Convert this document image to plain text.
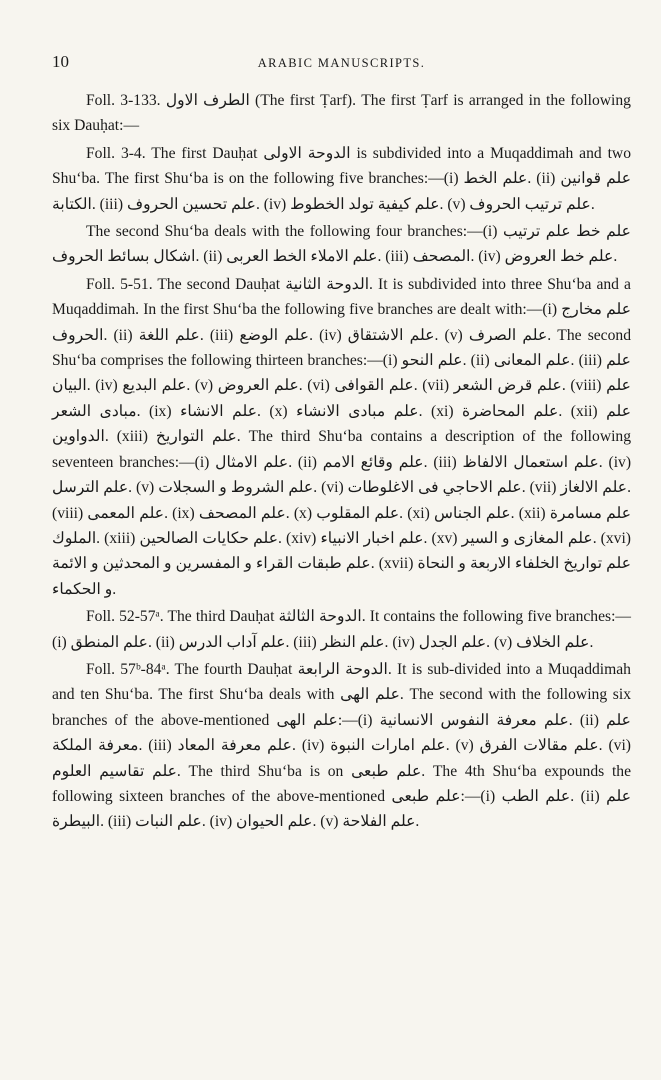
10	ARABIC MANUSCRIPTS.

Foll. 3-133. الطرف الاول (The first Ṭarf). The first Ṭarf is arranged in the following six Dauḥat:—

Foll. 3-4. The first Dauḥat الدوحة الاولى is subdivided into a Muqaddimah and two Shuʻba. The first Shuʻba is on the following five branches:—(i) علم الخط. (ii) علم قوانين الكتابة. (iii) علم تحسين الحروف. (iv) علم كيفية تولد الخطوط. (v) علم ترتيب الحروف.

The second Shuʻba deals with the following four branches:—(i) علم خط علم ترتيب اشكال بسائط الحروف. (ii) علم الاملاء الخط العربى. (iii) المصحف. (iv) علم خط العروض.

Foll. 5-51. The second Dauḥat الدوحة الثانية. It is subdivided into three Shuʻba and a Muqaddimah. In the first Shuʻba the following five branches are dealt with:—(i) علم مخارج الحروف. (ii) علم اللغة. (iii) علم الوضع. (iv) علم الاشتقاق. (v) علم الصرف. The second Shuʻba comprises the following thirteen branches:—(i) علم النحو. (ii) علم المعانى. (iii) علم البيان. (iv) علم البديع. (v) علم العروض. (vi) علم القوافى. (vii) علم قرض الشعر. (viii) علم مبادى الشعر. (ix) علم الانشاء. (x) علم مبادى الانشاء. (xi) علم المحاضرة. (xii) علم الدواوين. (xiii) علم التواريخ. The third Shuʻba contains a description of the following seventeen branches:—(i) علم الامثال. (ii) علم وقائع الامم. (iii) علم استعمال الالفاظ. (iv) علم الترسل. (v) علم الشروط و السجلات. (vi) علم الاحاجي فى الاغلوطات. (vii) علم الالغاز. (viii) علم المعمى. (ix) علم المصحف. (x) علم المقلوب. (xi) علم الجناس. (xii) علم مسامرة الملوك. (xiii) علم حكايات الصالحين. (xiv) علم اخبار الانبياء. (xv) علم المغازى و السير. (xvi) علم طبقات القراء و المفسرين و المحدثين و الائمة. (xvii) علم تواريخ الخلفاء الاربعة و النحاة و الحكماء.

Foll. 52-57ᵃ. The third Dauḥat الدوحة الثالثة. It contains the following five branches:—(i) علم المنطق. (ii) علم آداب الدرس. (iii) علم النظر. (iv) علم الجدل. (v) علم الخلاف.

Foll. 57ᵇ-84ᵃ. The fourth Dauḥat الدوحة الرابعة. It is sub-divided into a Muqaddimah and ten Shuʻba. The first Shuʻba deals with علم الهى. The second with the following six branches of the above-mentioned علم الهى:—(i) علم معرفة النفوس الانسانية. (ii) علم معرفة الملكة. (iii) علم معرفة المعاد. (iv) علم امارات النبوة. (v) علم مقالات الفرق. (vi) علم تقاسيم العلوم. The third Shuʻba is on علم طبعى. The 4th Shuʻba expounds the following sixteen branches of the above-mentioned علم طبعى:—(i) علم الطب. (ii) علم البيطرة. (iii) علم النبات. (iv) علم الحيوان. (v) علم الفلاحة.
